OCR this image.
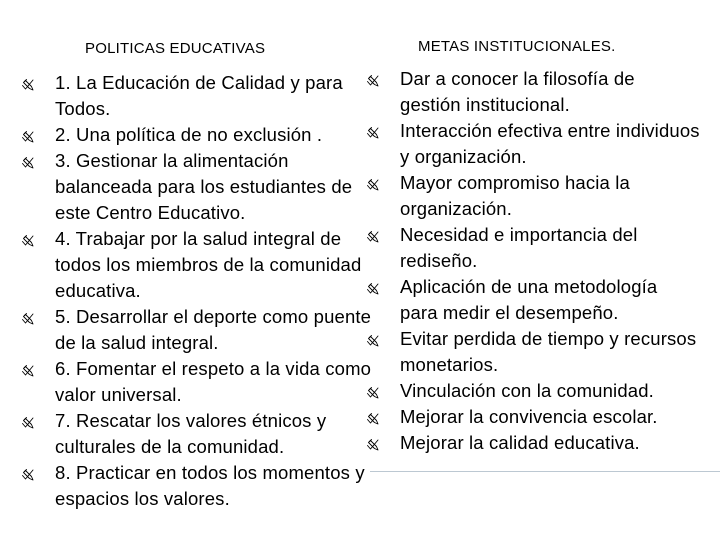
POLITICAS EDUCATIVAS	METAS INSTITUCIONALES.
1. La Educación de Calidad y para Todos.
2. Una política de no exclusión .
3. Gestionar la alimentación balanceada para los estudiantes de este Centro Educativo.
4. Trabajar por la salud integral de todos los miembros de la comunidad educativa.
5. Desarrollar el deporte como puente de la salud integral.
6. Fomentar el respeto a la vida como valor universal.
7. Rescatar los valores étnicos y culturales de la comunidad.
8. Practicar en todos los momentos y espacios los valores.
Dar a conocer la filosofía de gestión institucional.
Interacción efectiva entre individuos y organización.
Mayor compromiso hacia la organización.
Necesidad e importancia del rediseño.
Aplicación de una metodología para medir el desempeño.
Evitar perdida de tiempo y recursos monetarios.
Vinculación con la comunidad.
Mejorar la convivencia escolar.
Mejorar la calidad educativa.
